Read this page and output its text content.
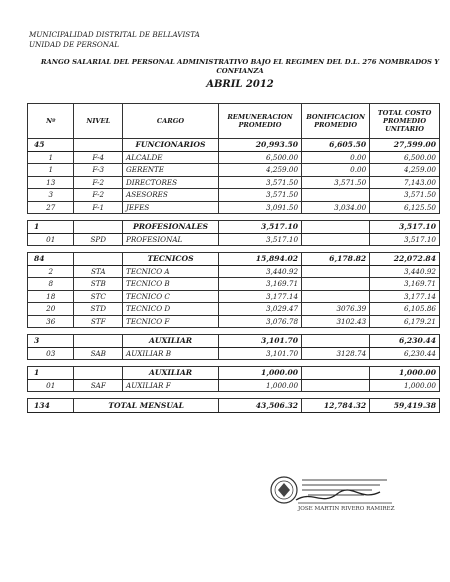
MUNICIPALIDAD DISTRITAL DE BELLAVISTA
UNIDAD DE PERSONAL
RANGO SALARIAL DEL PERSONAL ADMINISTRATIVO BAJO EL REGIMEN DEL D.L. 276 NOMBRADOS Y CONFIANZA
ABRIL 2012
Nº	NIVEL	CARGO	REMUNERACION PROMEDIO	BONIFICACION PROMEDIO	TOTAL COSTO PROMEDIO UNITARIO
45		FUNCIONARIOS	20,993.50	6,605.50	27,599.00
1	F-4	ALCALDE	6,500.00	0.00	6,500.00
1	F-3	GERENTE	4,259.00	0.00	4,259.00
13	F-2	DIRECTORES	3,571.50	3,571.50	7,143.00
3	F-2	ASESORES	3,571.50		3,571.50
27	F-1	JEFES	3,091.50	3,034.00	6,125.50

1		PROFESIONALES	3,517.10		3,517.10
01	SPD	PROFESIONAL	3,517.10		3,517.10

84		TECNICOS	15,894.02	6,178.82	22,072.84
2	STA	TECNICO A	3,440.92		3,440.92
8	STB	TECNICO B	3,169.71		3,169.71
18	STC	TECNICO C	3,177.14		3,177.14
20	STD	TECNICO D	3,029.47	3076.39	6,105.86
36	STF	TECNICO F	3,076.78	3102.43	6,179.21

3		AUXILIAR	3,101.70		6,230.44
03	SAB	AUXILIAR B	3,101.70	3128.74	6,230.44

1		AUXILIAR	1,000.00		1,000.00
01	SAF	AUXILIAR F	1,000.00		1,000.00

134	TOTAL MENSUAL		43,506.32	12,784.32	59,419.38
JOSE MARTIN RIVERO RAMIREZ
